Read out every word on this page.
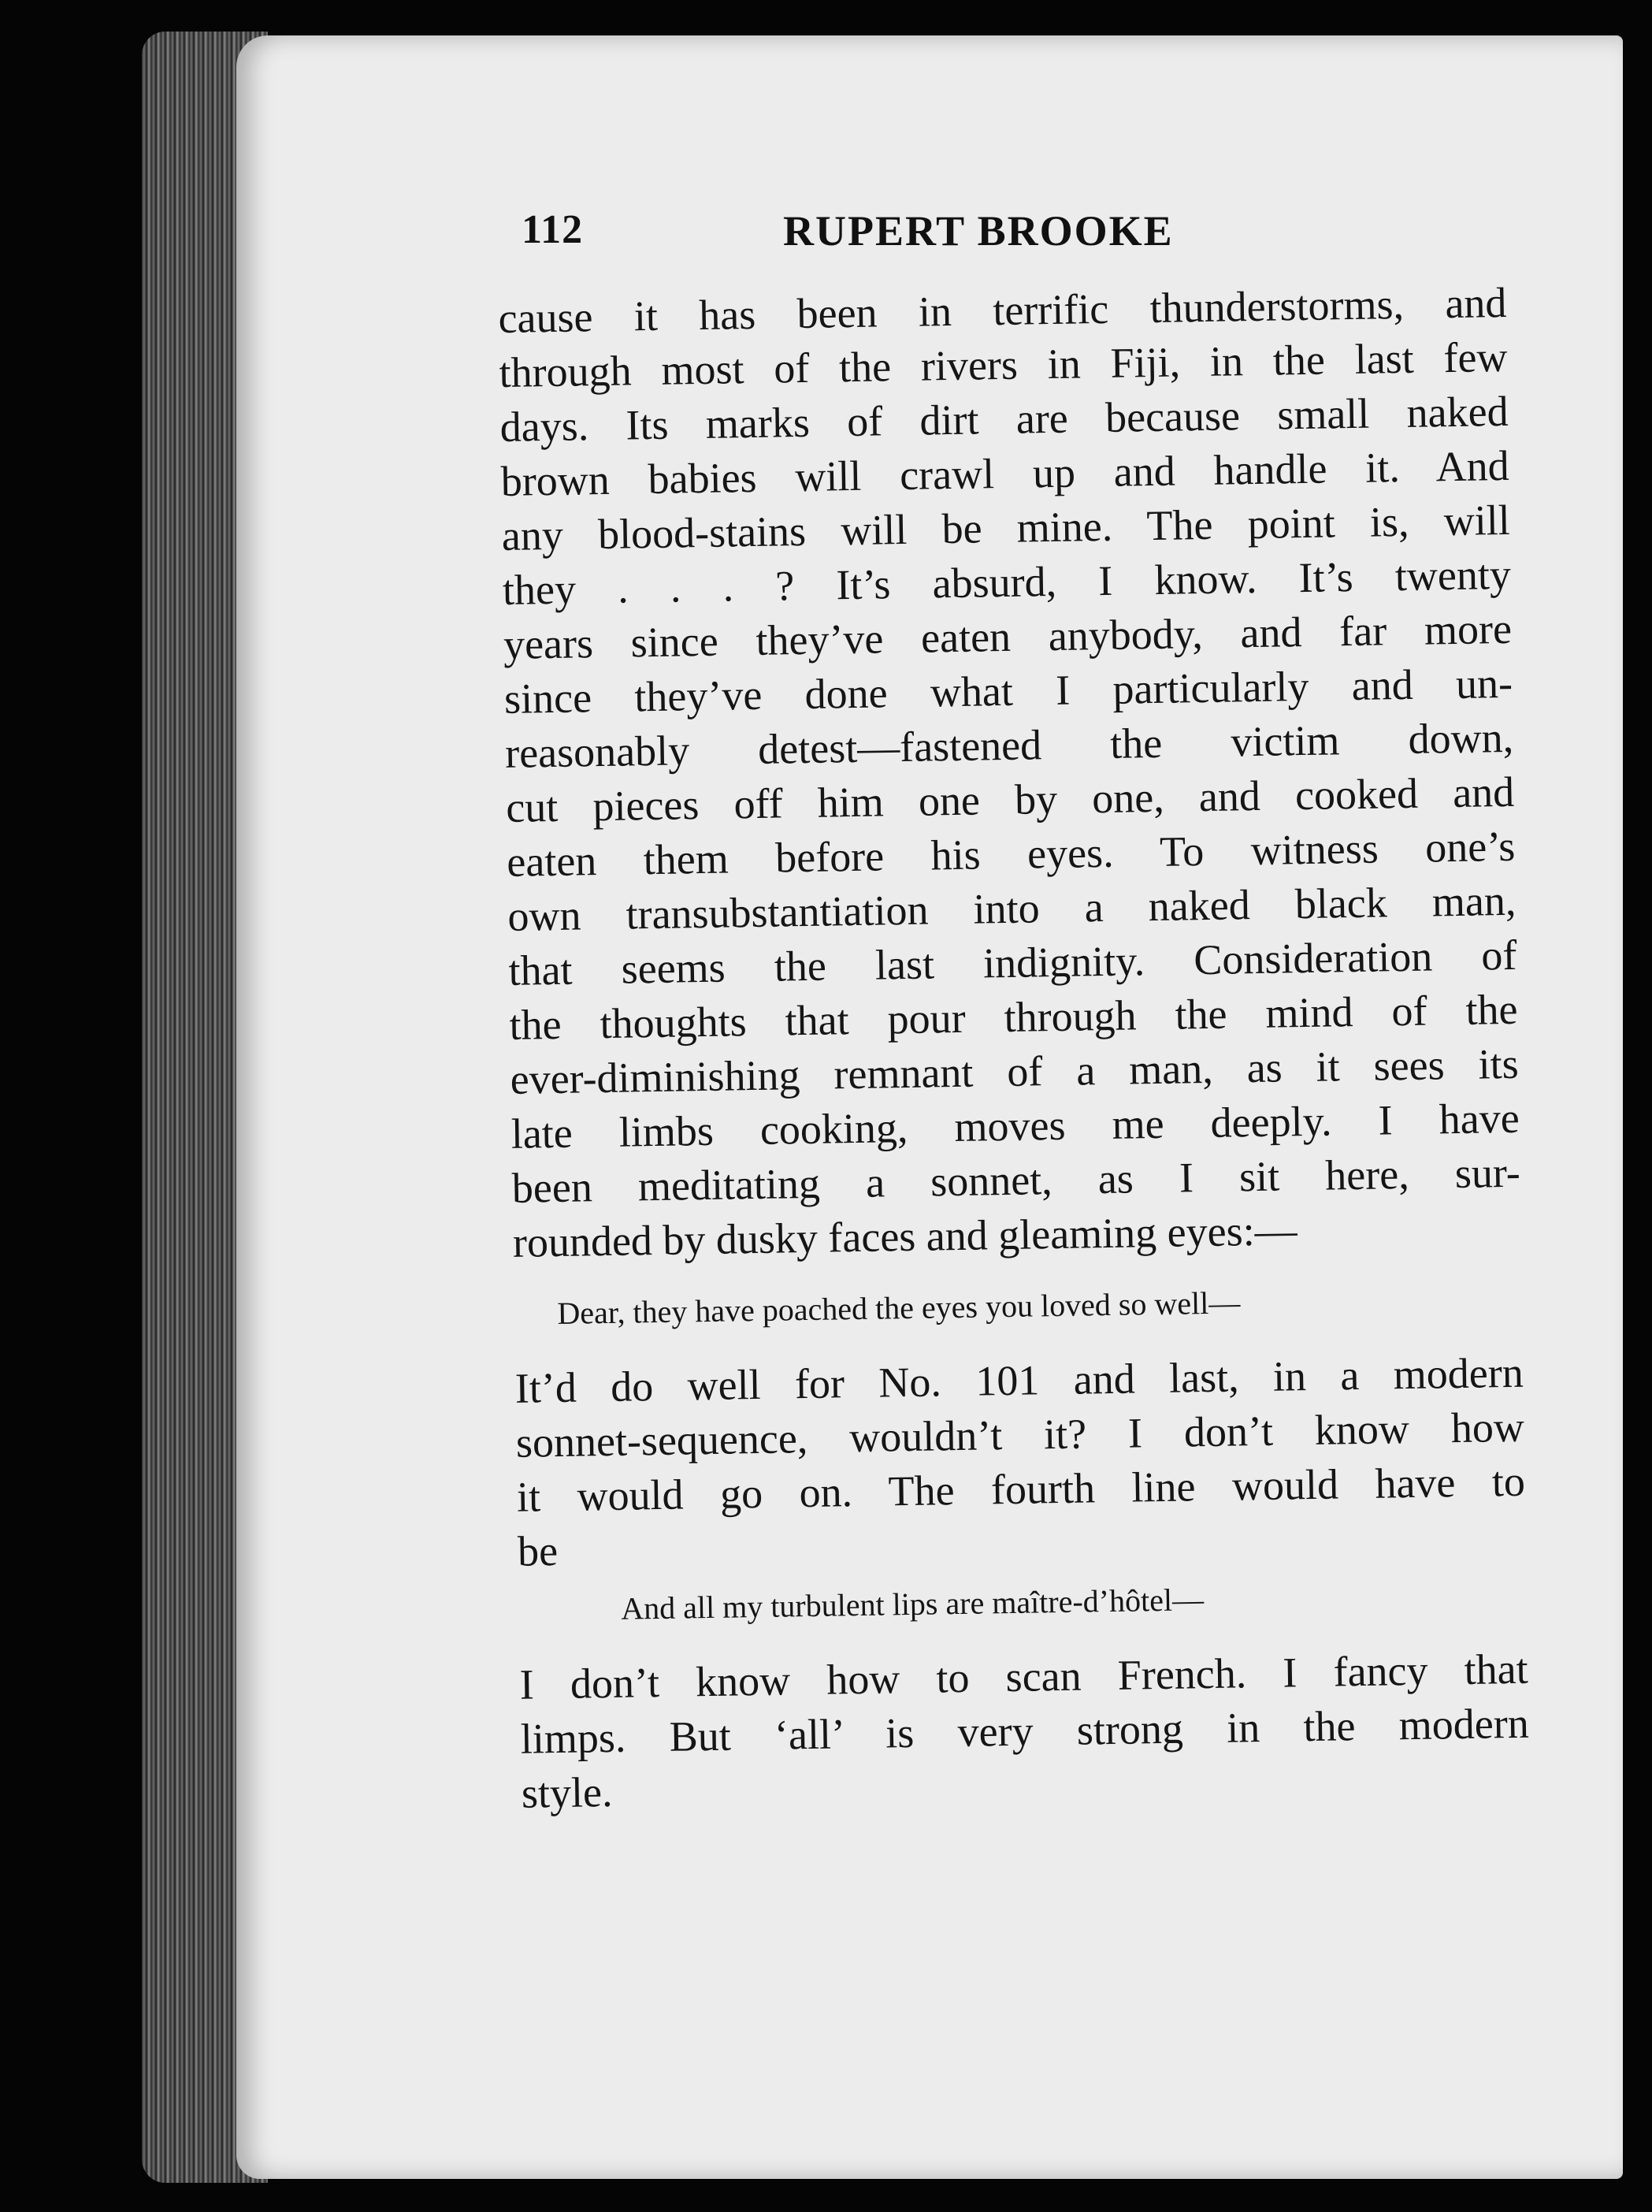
112	RUPERT BROOKE
cause it has been in terrific thunderstorms, and
through most of the rivers in Fiji, in the last few
days. Its marks of dirt are because small naked
brown babies will crawl up and handle it. And
any blood-stains will be mine. The point is, will
they . . . ? It’s absurd, I know. It’s twenty
years since they’ve eaten anybody, and far more
since they’ve done what I particularly and un-
reasonably detest—fastened the victim down,
cut pieces off him one by one, and cooked and
eaten them before his eyes. To witness one’s
own transubstantiation into a naked black man,
that seems the last indignity. Consideration of
the thoughts that pour through the mind of the
ever-diminishing remnant of a man, as it sees its
late limbs cooking, moves me deeply. I have
been meditating a sonnet, as I sit here, sur-
rounded by dusky faces and gleaming eyes:—
Dear, they have poached the eyes you loved so well—
It’d do well for No. 101 and last, in a modern
sonnet-sequence, wouldn’t it? I don’t know how
it would go on. The fourth line would have to
be
And all my turbulent lips are maître-d’hôtel—
I don’t know how to scan French. I fancy that
limps. But ‘all’ is very strong in the modern
style.
